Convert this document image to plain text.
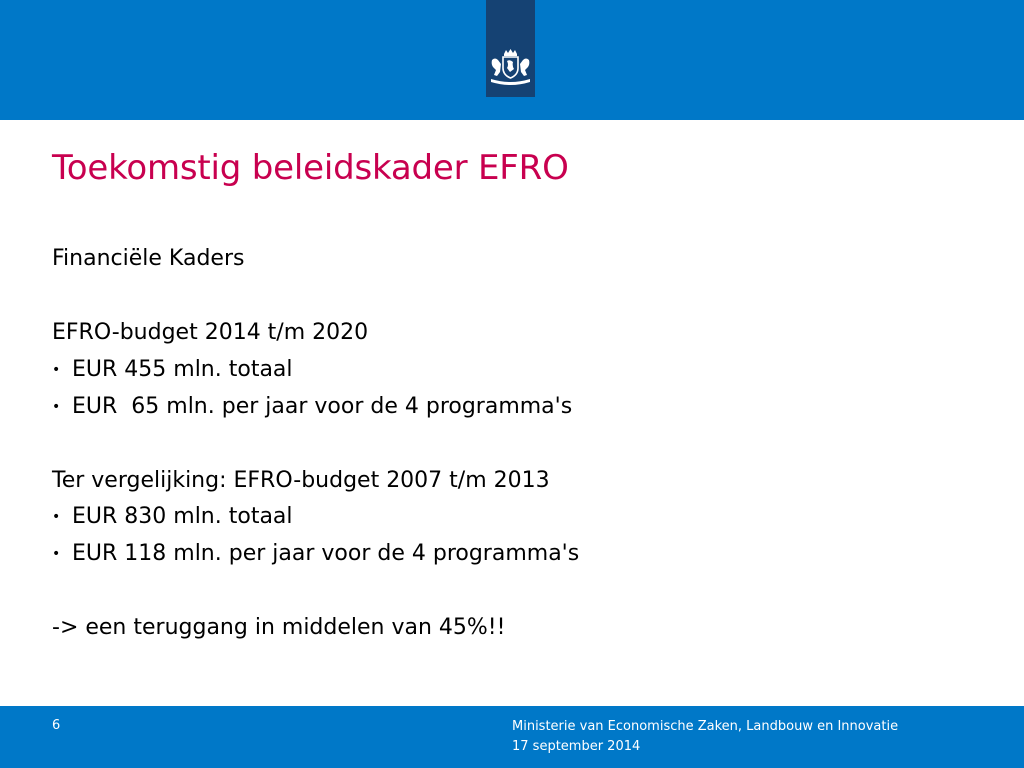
Toekomstig beleidskader EFRO
Financiële Kaders
EFRO-budget 2014 t/m 2020
• EUR 455 mln. totaal
• EUR  65 mln. per jaar voor de 4 programma's
Ter vergelijking: EFRO-budget 2007 t/m 2013
• EUR 830 mln. totaal
• EUR 118 mln. per jaar voor de 4 programma's
-> een teruggang in middelen van 45%!!
6	Ministerie van Economische Zaken, Landbouw en Innovatie
17 september 2014
